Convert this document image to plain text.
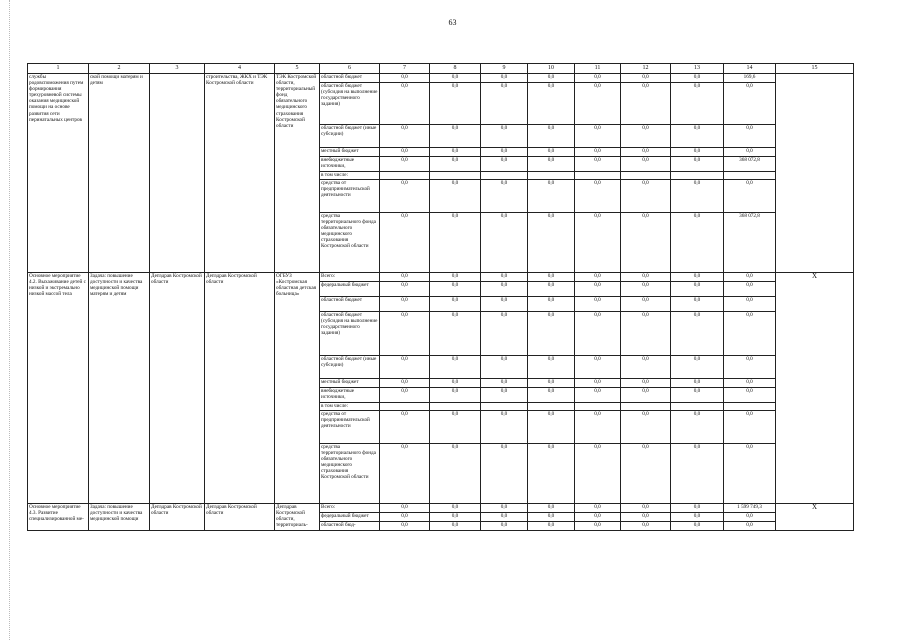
63
1	2	3	4	5	6	7	8	9	10	11	12	13	14	15
службы родовспоможения путем формирования трехуровневой системы оказания медицинской помощи на основе развития сети перинатальных центров	ской помощи матерям и детям		строительства, ЖКХ и ТЭК Костромской области	ТЭК Костромской области, территориальный фонд обязательного медицинского страхования Костромской области	областной бюджет	0,0	0,0	0,0	0,0	0,0	0,0	0,0	169,6	
					областной бюджет (субсидия на выполнение государственного задания)	0,0	0,0	0,0	0,0	0,0	0,0	0,0	0,0	
					областной бюджет (иные субсидии)	0,0	0,0	0,0	0,0	0,0	0,0	0,0	0,0	
					местный бюджет	0,0	0,0	0,0	0,0	0,0	0,0	0,0	0,0	
					внебюджетные источники,	0,0	0,0	0,0	0,0	0,0	0,0	0,0	368 072,8	
					в том числе:									
					средства от предпринимательской деятельности	0,0	0,0	0,0	0,0	0,0	0,0	0,0	0,0	
					средства территориального фонда обязательного медицинского страхования Костромской области	0,0	0,0	0,0	0,0	0,0	0,0	0,0	368 072,8	
Основное мероприятие 4.2. Выхаживание детей с низкой и экстремально низкой массой тела	Задача: повышение доступности и качества медицинской помощи матерям и детям	Депздрав Костромской области	Депздрав Костромской области	ОГБУЗ «Костромская областная детская больница»	Всего:	0,0	0,0	0,0	0,0	0,0	0,0	0,0	0,0	X
					федеральный бюджет	0,0	0,0	0,0	0,0	0,0	0,0	0,0	0,0	
					областной бюджет	0,0	0,0	0,0	0,0	0,0	0,0	0,0	0,0	
					областной бюджет (субсидия на выполнение государственного задания)	0,0	0,0	0,0	0,0	0,0	0,0	0,0	0,0	
					областной бюджет (иные субсидии)	0,0	0,0	0,0	0,0	0,0	0,0	0,0	0,0	
					местный бюджет	0,0	0,0	0,0	0,0	0,0	0,0	0,0	0,0	
					внебюджетные источники,	0,0	0,0	0,0	0,0	0,0	0,0	0,0	0,0	
					в том числе:									
					средства от предпринимательской деятельности	0,0	0,0	0,0	0,0	0,0	0,0	0,0	0,0	
					средства территориального фонда обязательного медицинского страхования Костромской области	0,0	0,0	0,0	0,0	0,0	0,0	0,0	0,0	
Основное мероприятие 4.3. Развитие специализированной ме-	Задача: повышение доступности и качества медицинской помощи	Депздрав Костромской области	Депздрав Костромской области	Депздрав Костромской области, территориаль-	Всего:	0,0	0,0	0,0	0,0	0,0	0,0	0,0	1 599 749,3	X
					федеральный бюджет	0,0	0,0	0,0	0,0	0,0	0,0	0,0	0,0	
					областной бюд-	0,0	0,0	0,0	0,0	0,0	0,0	0,0	0,0	
